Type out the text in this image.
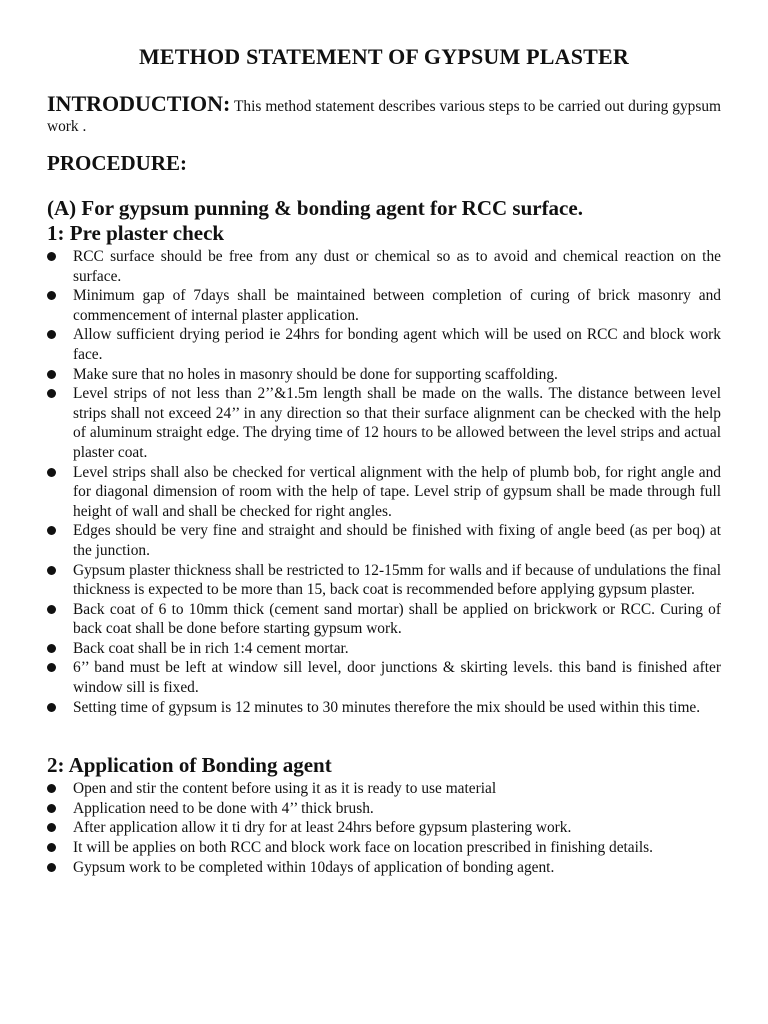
METHOD STATEMENT OF GYPSUM PLASTER

INTRODUCTION: This method statement describes various steps to be carried out during gypsum work .

PROCEDURE:
(A) For gypsum punning & bonding agent for RCC surface.
1: Pre plaster check
RCC surface should be free from any dust or chemical so as to avoid and chemical reaction on the surface.
Minimum gap of 7days shall be maintained between completion of curing of brick masonry and commencement of internal plaster application.
Allow sufficient drying period ie 24hrs for bonding agent which will be used on RCC and block work face.
Make sure that no holes in masonry should be done for supporting scaffolding.
Level strips of not less than 2’’&1.5m length shall be made on the walls. The distance between level strips shall not exceed 24’’ in any direction so that their surface alignment can be checked with the help of aluminum straight edge. The drying time of 12 hours to be allowed between the level strips and actual plaster coat.
Level strips shall also be checked for vertical alignment with the help of plumb bob, for right angle and for diagonal dimension of room with the help of tape. Level strip of gypsum shall be made through full height of wall and shall be checked for right angles.
Edges should be very fine and straight and should be finished with fixing of angle beed (as per boq) at the junction.
Gypsum plaster thickness shall be restricted to 12-15mm for walls and if because of undulations the final thickness is expected to be more than 15, back coat is recommended before applying gypsum plaster.
Back coat of 6 to 10mm thick (cement sand mortar) shall be applied on brickwork or RCC. Curing of back coat shall be done before starting gypsum work.
Back coat shall be in rich 1:4 cement mortar.
6’’ band must be left at window sill level, door junctions & skirting levels. this band is finished after window sill is fixed.
Setting time of gypsum is 12 minutes to 30 minutes therefore the mix should be used within this time.
2: Application of Bonding agent
Open and stir the content before using it as it is ready to use material
Application need to be done with 4’’ thick brush.
After application allow it ti dry for at least 24hrs before gypsum plastering work.
It will be applies on both RCC and block work face on location prescribed in finishing details.
Gypsum work to be completed within 10days of application of bonding agent.
